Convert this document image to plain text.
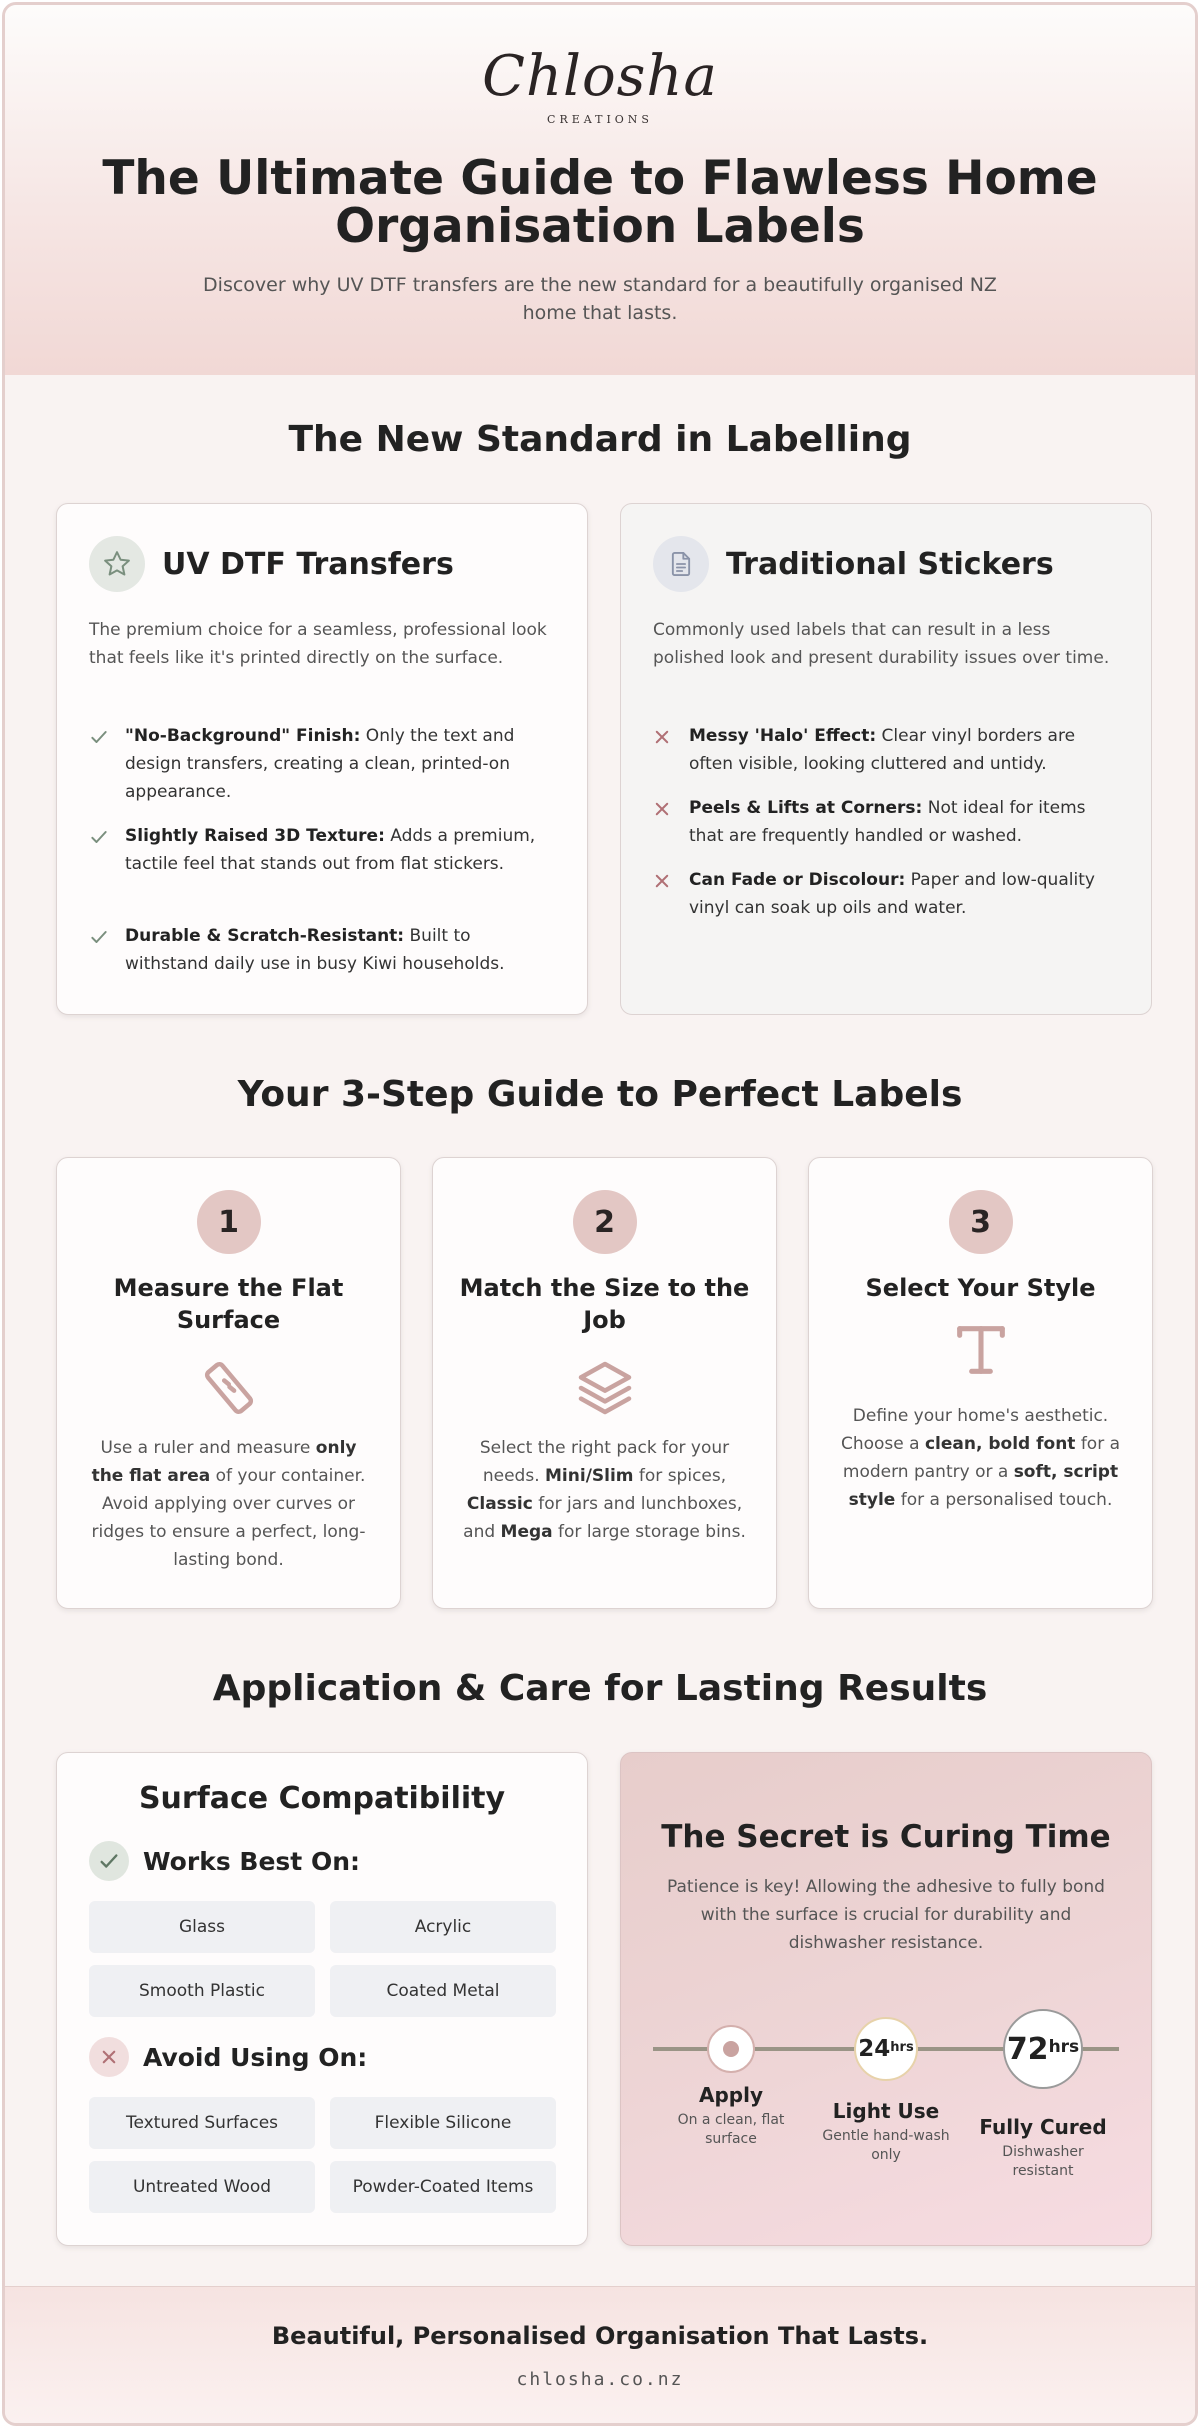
Chlosha
CREATIONS
The Ultimate Guide to Flawless Home Organisation Labels
Discover why UV DTF transfers are the new standard for a beautifully organised NZ home that lasts.
The New Standard in Labelling
UV DTF Transfers
The premium choice for a seamless, professional look that feels like it's printed directly on the surface.
"No-Background" Finish: Only the text and design transfers, creating a clean, printed-on appearance.
Slightly Raised 3D Texture: Adds a premium, tactile feel that stands out from flat stickers.
Durable & Scratch-Resistant: Built to withstand daily use in busy Kiwi households.
Traditional Stickers
Commonly used labels that can result in a less polished look and present durability issues over time.
Messy 'Halo' Effect: Clear vinyl borders are often visible, looking cluttered and untidy.
Peels & Lifts at Corners: Not ideal for items that are frequently handled or washed.
Can Fade or Discolour: Paper and low-quality vinyl can soak up oils and water.
Your 3-Step Guide to Perfect Labels
1
Measure the Flat Surface
Use a ruler and measure only the flat area of your container. Avoid applying over curves or ridges to ensure a perfect, long-lasting bond.
2
Match the Size to the Job
Select the right pack for your needs. Mini/Slim for spices, Classic for jars and lunchboxes, and Mega for large storage bins.
3
Select Your Style
Define your home's aesthetic. Choose a clean, bold font for a modern pantry or a soft, script style for a personalised touch.
Application & Care for Lasting Results
Surface Compatibility
Works Best On:
Glass	Acrylic
Smooth Plastic	Coated Metal
Avoid Using On:
Textured Surfaces	Flexible Silicone
Untreated Wood	Powder-Coated Items
The Secret is Curing Time
Patience is key! Allowing the adhesive to fully bond with the surface is crucial for durability and dishwasher resistance.
Apply
On a clean, flat surface
24 hrs
Light Use
Gentle hand-wash only
72 hrs
Fully Cured
Dishwasher resistant
Beautiful, Personalised Organisation That Lasts.
chlosha.co.nz
